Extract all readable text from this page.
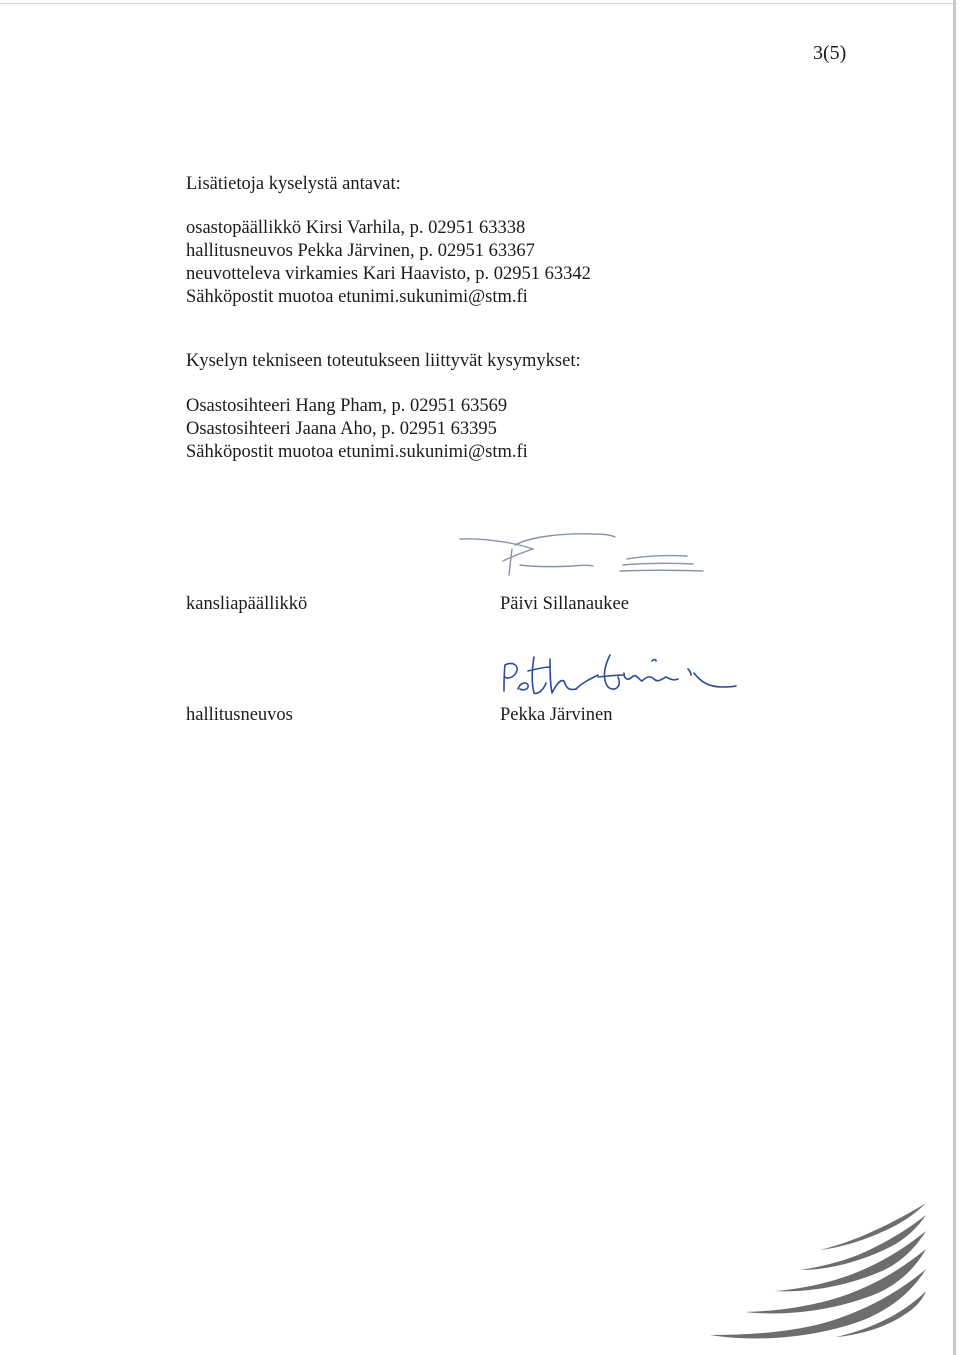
3(5)
Lisätietoja kyselystä antavat:
osastopäällikkö Kirsi Varhila, p. 02951 63338
hallitusneuvos Pekka Järvinen, p. 02951 63367
neuvotteleva virkamies Kari Haavisto, p. 02951 63342
Sähköpostit muotoa etunimi.sukunimi@stm.fi
Kyselyn tekniseen toteutukseen liittyvät kysymykset:
Osastosihteeri Hang Pham, p. 02951 63569
Osastosihteeri Jaana Aho, p. 02951 63395
Sähköpostit muotoa etunimi.sukunimi@stm.fi
kansliapäällikkö	Päivi Sillanaukee
hallitusneuvos	Pekka Järvinen
